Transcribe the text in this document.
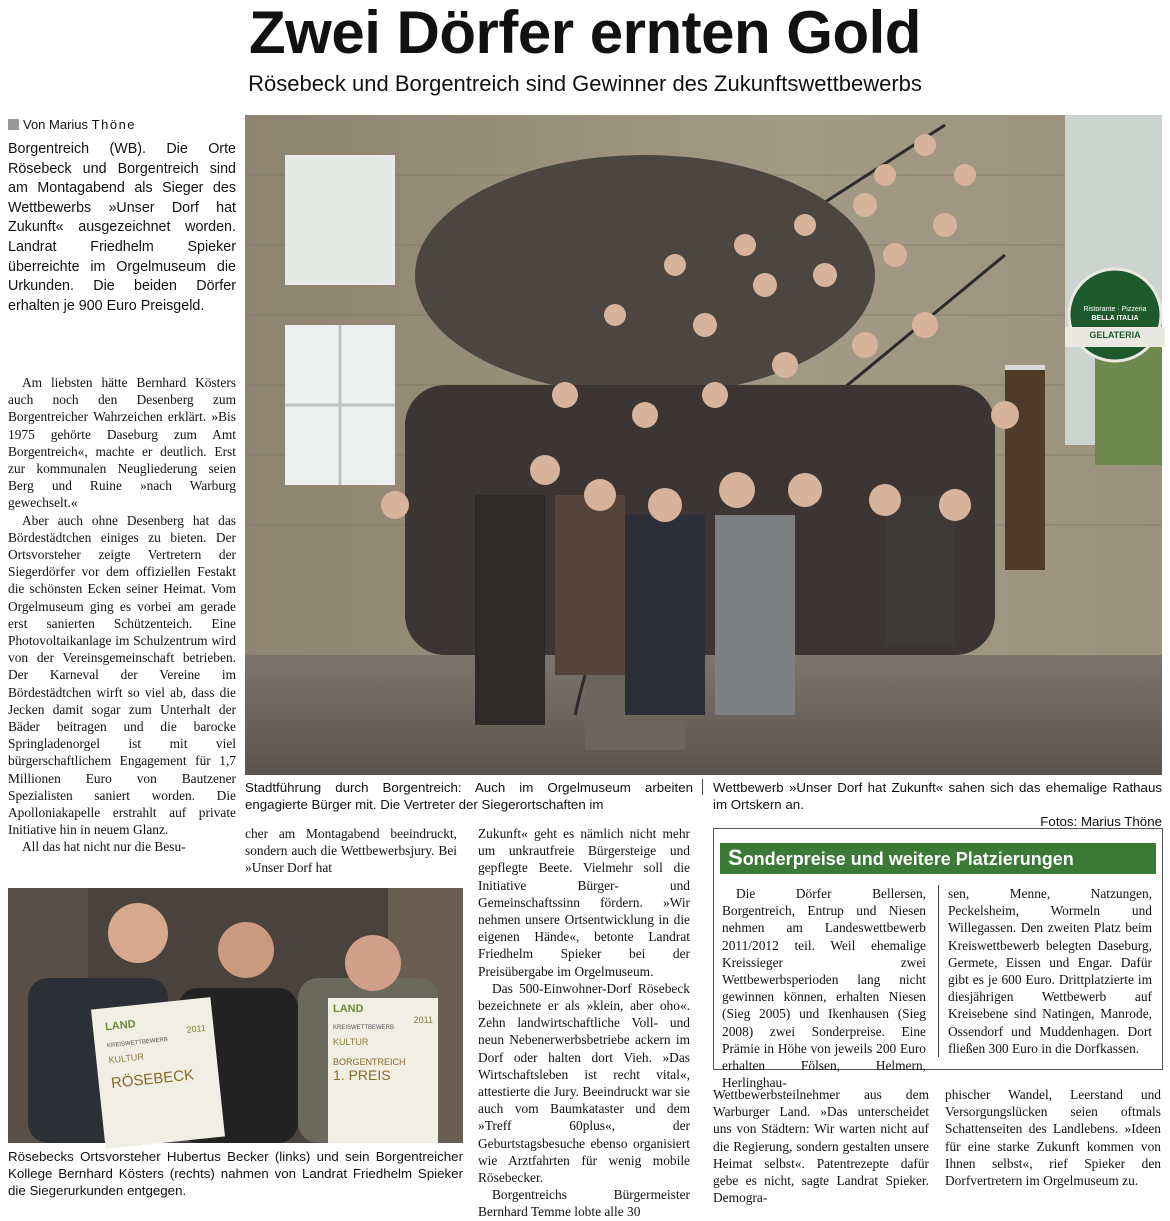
Zwei Dörfer ernten Gold
Rösebeck und Borgentreich sind Gewinner des Zukunftswettbewerbs
Von Marius Thöne

Borgentreich (WB). Die Orte Rösebeck und Borgentreich sind am Montagabend als Sieger des Wettbewerbs »Unser Dorf hat Zukunft« ausgezeichnet worden. Landrat Friedhelm Spieker überreichte im Orgelmuseum die Urkunden. Die beiden Dörfer erhalten je 900 Euro Preisgeld.

Am liebsten hätte Bernhard Kösters auch noch den Desenberg zum Borgentreicher Wahrzeichen erklärt. »Bis 1975 gehörte Daseburg zum Amt Borgentreich«, machte er deutlich. Erst zur kommunalen Neugliederung seien Berg und Ruine »nach Warburg gewechselt.«

Aber auch ohne Desenberg hat das Bördestädtchen einiges zu bieten. Der Ortsvorsteher zeigte Vertretern der Siegerdörfer vor dem offiziellen Festakt die schönsten Ecken seiner Heimat. Vom Orgelmuseum ging es vorbei am gerade erst sanierten Schützenteich. Eine Photovoltaikanlage im Schulzentrum wird von der Vereinsgemeinschaft betrieben. Der Karneval der Vereine im Bördestädtchen wirft so viel ab, dass die Jecken damit sogar zum Unterhalt der Bäder beitragen und die barocke Springladenorgel ist mit viel bürgerschaftlichem Engagement für 1,7 Millionen Euro von Bautzener Spezialisten saniert worden. Die Apolloniakapelle erstrahlt auf private Initiative hin in neuem Glanz.

All das hat nicht nur die Besu-

Ristorante · Pizzeria
BELLA ITALIA
GELATERIA

Stadtführung durch Borgentreich: Auch im Orgelmuseum arbeiten engagierte Bürger mit. Die Vertreter der Siegerortschaften im

Wettbewerb »Unser Dorf hat Zukunft« sahen sich das ehemalige Rathaus im Ortskern an.

Fotos: Marius Thöne

cher am Montagabend beeindruckt, sondern auch die Wettbewerbsjury. Bei »Unser Dorf hat

Zukunft« geht es nämlich nicht mehr um unkrautfreie Bürgersteige und gepflegte Beete. Vielmehr soll die Initiative Bürger- und Gemeinschaftssinn fördern. »Wir nehmen unsere Ortsentwicklung in die eigenen Hände«, betonte Landrat Friedhelm Spieker bei der Preisübergabe im Orgelmuseum.

Das 500-Einwohner-Dorf Rösebeck bezeichnete er als »klein, aber oho«. Zehn landwirtschaftliche Voll- und neun Nebenerwerbsbetriebe ackern im Dorf oder halten dort Vieh. »Das Wirtschaftsleben ist recht vital«, attestierte die Jury. Beeindruckt war sie auch vom Baumkataster und dem »Treff 60plus«, der Geburtstagsbesuche ebenso organisiert wie Arztfahrten für wenig mobile Rösebecker.

Borgentreichs Bürgermeister Bernhard Temme lobte alle 30

LAND	2011
KREISWETTBEWERB
KULTUR
RÖSEBECK
LAND
2011
KREISWETTBEWERB
KULTUR
BORGENTREICH
1. PREIS

Rösebecks Ortsvorsteher Hubertus Becker (links) und sein Borgentreicher Kollege Bernhard Kösters (rechts) nahmen von Landrat Friedhelm Spieker die Siegerurkunden entgegen.

Sonderpreise und weitere Platzierungen

Die Dörfer Bellersen, Borgentreich, Entrup und Niesen nehmen am Landeswettbewerb 2011/2012 teil. Weil ehemalige Kreissieger zwei Wettbewerbsperioden lang nicht gewinnen können, erhalten Niesen (Sieg 2005) und Ikenhausen (Sieg 2008) zwei Sonderpreise. Eine Prämie in Höhe von jeweils 200 Euro erhalten Fölsen, Helmern, Herlinghau-

sen, Menne, Natzungen, Peckelsheim, Wormeln und Willegassen. Den zweiten Platz beim Kreiswettbewerb belegten Daseburg, Germete, Eissen und Engar. Dafür gibt es je 600 Euro. Drittplatzierte im diesjährigen Wettbewerb auf Kreisebene sind Natingen, Manrode, Ossendorf und Muddenhagen. Dort fließen 300 Euro in die Dorfkassen.

Wettbewerbsteilnehmer aus dem Warburger Land. »Das unterscheidet uns von Städtern: Wir warten nicht auf die Regierung, sondern gestalten unsere Heimat selbst«. Patentrezepte dafür gebe es nicht, sagte Landrat Spieker. Demogra-

phischer Wandel, Leerstand und Versorgungslücken seien oftmals Schattenseiten des Landlebens. »Ideen für eine starke Zukunft kommen von Ihnen selbst«, rief Spieker den Dorfvertretern im Orgelmuseum zu.
